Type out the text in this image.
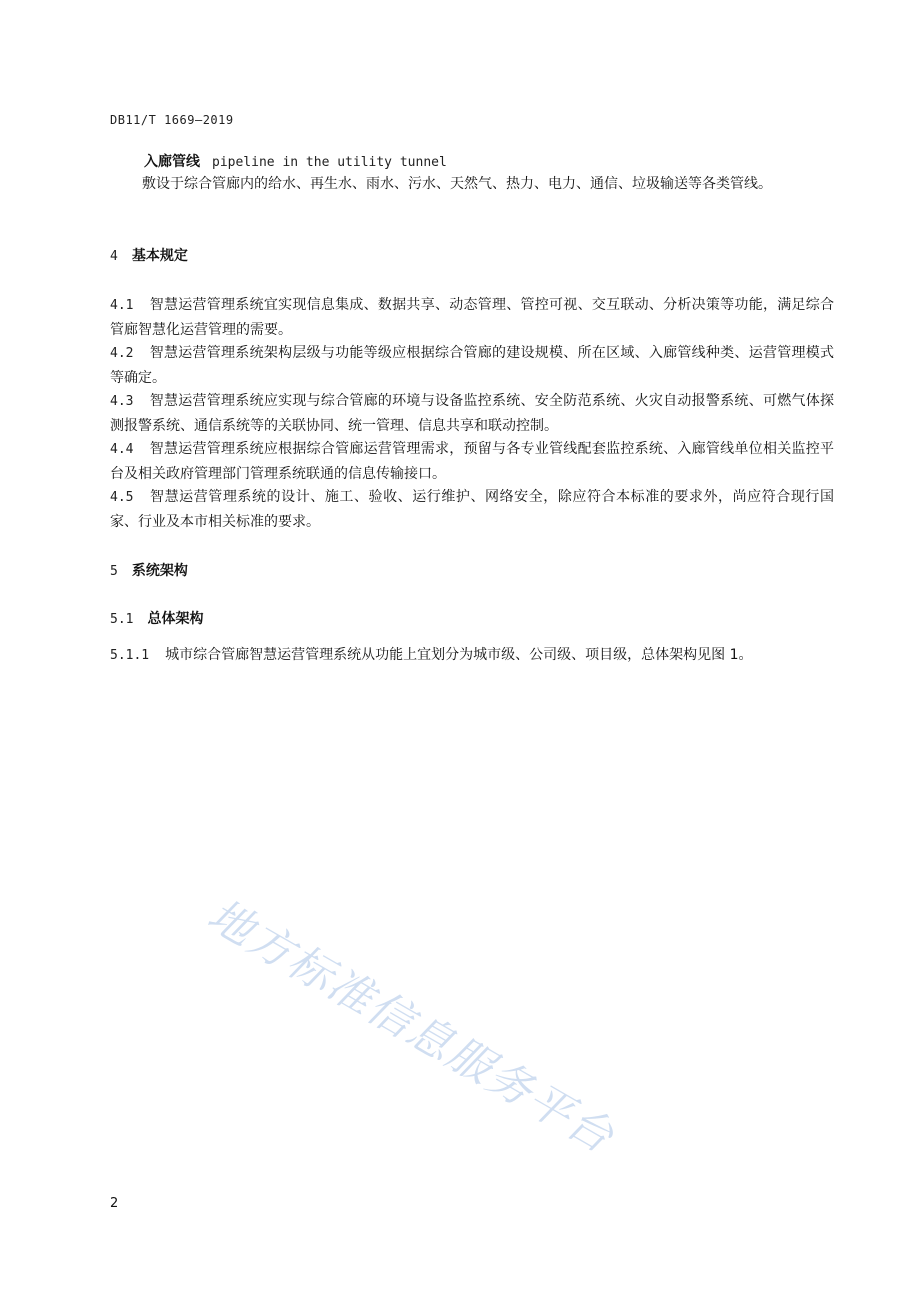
DB11/T 1669—2019
入廊管线 pipeline in the utility tunnel
敷设于综合管廊内的给水、再生水、雨水、污水、天然气、热力、电力、通信、垃圾输送等各类管线。
4 基本规定
4.1 智慧运营管理系统宜实现信息集成、数据共享、动态管理、管控可视、交互联动、分析决策等功能，满足综合管廊智慧化运营管理的需要。
4.2 智慧运营管理系统架构层级与功能等级应根据综合管廊的建设规模、所在区域、入廊管线种类、运营管理模式等确定。
4.3 智慧运营管理系统应实现与综合管廊的环境与设备监控系统、安全防范系统、火灾自动报警系统、可燃气体探测报警系统、通信系统等的关联协同、统一管理、信息共享和联动控制。
4.4 智慧运营管理系统应根据综合管廊运营管理需求，预留与各专业管线配套监控系统、入廊管线单位相关监控平台及相关政府管理部门管理系统联通的信息传输接口。
4.5 智慧运营管理系统的设计、施工、验收、运行维护、网络安全，除应符合本标准的要求外，尚应符合现行国家、行业及本市相关标准的要求。
5 系统架构
5.1 总体架构
5.1.1 城市综合管廊智慧运营管理系统从功能上宜划分为城市级、公司级、项目级，总体架构见图 1。
地方标准信息服务平台
2
